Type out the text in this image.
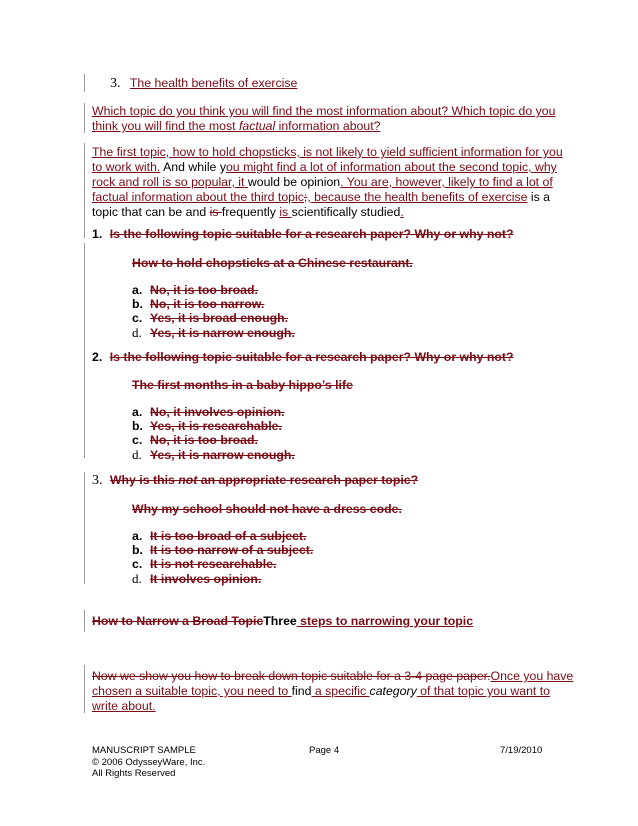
3. The health benefits of exercise
Which topic do you think you will find the most information about? Which topic do you
think you will find the most factual information about?
The first topic, how to hold chopsticks, is not likely to yield sufficient information for you
to work with. And while you might find a lot of information about the second topic, why
rock and roll is so popular, it would be opinion. You are, however, likely to find a lot of
factual information about the third topic;, because the health benefits of exercise is a
topic that can be and is frequently is scientifically studied.
1. Is the following topic suitable for a research paper? Why or why not?
How to hold chopsticks at a Chinese restaurant.
a. No, it is too broad.
b. No, it is too narrow.
c. Yes, it is broad enough.
d. Yes, it is narrow enough.
2. Is the following topic suitable for a research paper? Why or why not?
The first months in a baby hippo’s life
a. No, it involves opinion.
b. Yes, it is researchable.
c. No, it is too broad.
d. Yes, it is narrow enough.
3. Why is this not an appropriate research paper topic?
Why my school should not have a dress code.
a. It is too broad of a subject.
b. It is too narrow of a subject.
c. It is not researchable.
d. It involves opinion.
How to Narrow a Broad TopicThree steps to narrowing your topic
Now we show you how to break down topic suitable for a 3-4 page paper.Once you have
chosen a suitable topic, you need to find a specific category of that topic you want to
write about.
MANUSCRIPT SAMPLE
© 2006 OdysseyWare, Inc.
All Rights Reserved
Page 4	7/19/2010
